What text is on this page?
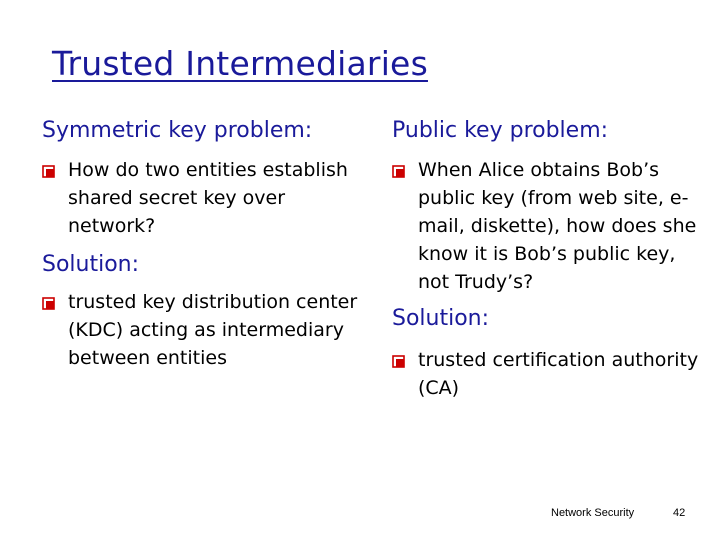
Trusted Intermediaries

Symmetric key problem:

How do two entities establish shared secret key over network?

Solution:

trusted key distribution center (KDC) acting as intermediary between entities

Public key problem:

When Alice obtains Bob’s public key (from web site, e-mail, diskette), how does she know it is Bob’s public key, not Trudy’s?

Solution:

trusted certification authority (CA)
Network Security	42
